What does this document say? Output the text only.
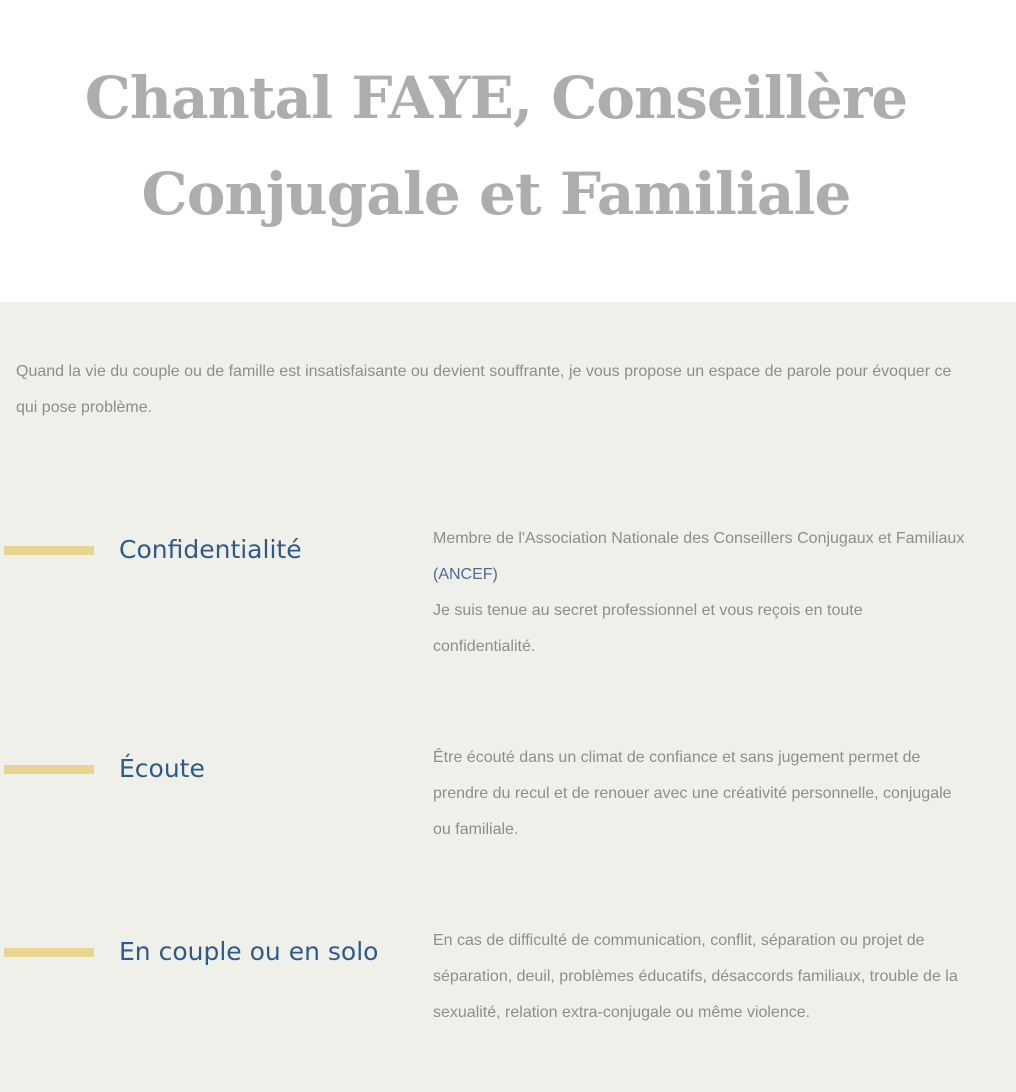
Chantal FAYE, Conseillère
Conjugale et Familiale

Quand la vie du couple ou de famille est insatisfaisante ou devient souffrante, je vous propose un espace de parole pour évoquer ce qui pose problème.

Confidentialité	Membre de l'Association Nationale des Conseillers Conjugaux et Familiaux (ANCEF)
Je suis tenue au secret professionnel et vous reçois en toute confidentialité.

Écoute	Être écouté dans un climat de confiance et sans jugement permet de prendre du recul et de renouer avec une créativité personnelle, conjugale ou familiale.

En couple ou en solo	En cas de difficulté de communication, conflit, séparation ou projet de séparation, deuil, problèmes éducatifs, désaccords familiaux, trouble de la sexualité, relation extra-conjugale ou même violence.
